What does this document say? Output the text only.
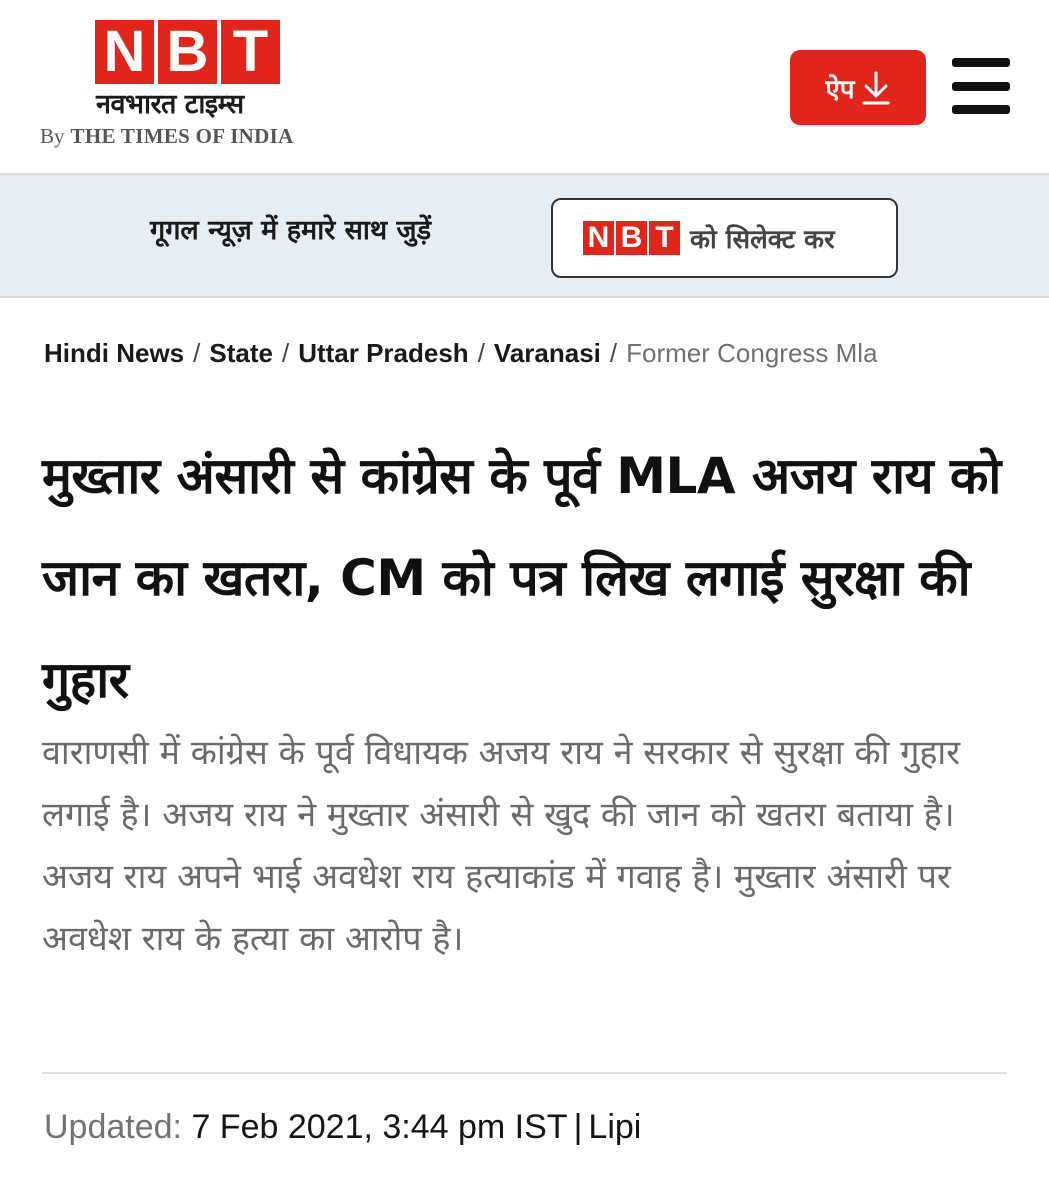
N B T
नवभारत टाइम्स
By THE TIMES OF INDIA
ऐप
गूगल न्यूज़ में हमारे साथ जुड़ें	N B T को सिलेक्ट कर
Hindi News / State / Uttar Pradesh / Varanasi / Former Congress Mla
मुख्तार अंसारी से कांग्रेस के पूर्व MLA अजय राय को जान का खतरा, CM को पत्र लिख लगाई सुरक्षा की गुहार

वाराणसी में कांग्रेस के पूर्व विधायक अजय राय ने सरकार से सुरक्षा की गुहार लगाई है। अजय राय ने मुख्तार अंसारी से खुद की जान को खतरा बताया है। अजय राय अपने भाई अवधेश राय हत्याकांड में गवाह है। मुख्तार अंसारी पर अवधेश राय के हत्या का आरोप है।

Updated: 7 Feb 2021, 3:44 pm IST | Lipi
